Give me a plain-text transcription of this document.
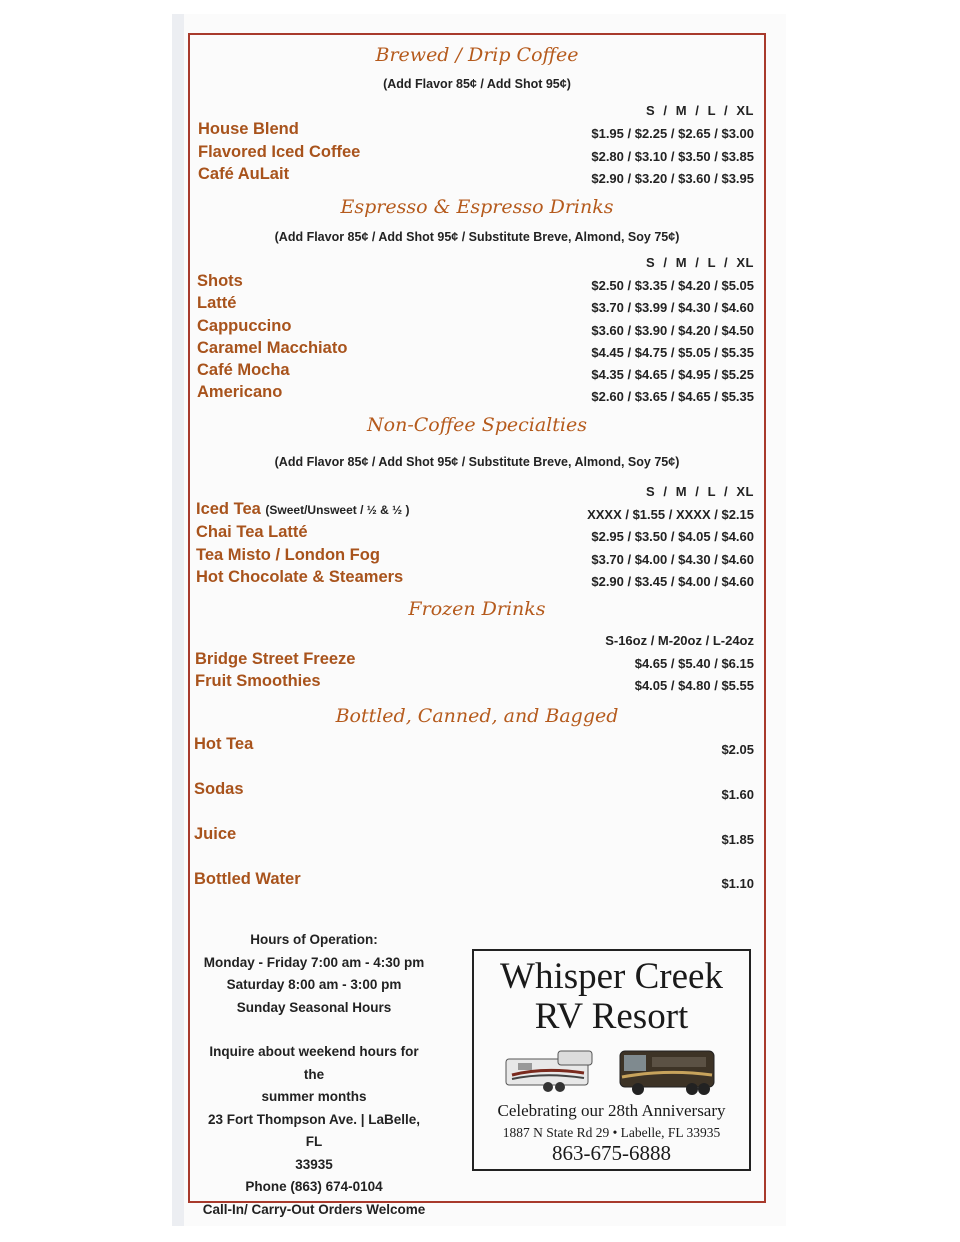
Brewed / Drip Coffee
(Add Flavor 85¢ / Add Shot 95¢)
S  /  M  /  L  /  XL
House Blend	$1.95 / $2.25 / $2.65 / $3.00
Flavored Iced Coffee	$2.80 / $3.10 / $3.50 / $3.85
Café AuLait	$2.90 / $3.20 / $3.60 / $3.95
Espresso & Espresso Drinks
(Add Flavor 85¢ / Add Shot 95¢ / Substitute Breve, Almond, Soy 75¢)
S  /  M  /  L  /  XL
Shots	$2.50 / $3.35 / $4.20 / $5.05
Latté	$3.70 / $3.99 / $4.30 / $4.60
Cappuccino	$3.60 / $3.90 / $4.20 / $4.50
Caramel Macchiato	$4.45 / $4.75 / $5.05 / $5.35
Café Mocha	$4.35 / $4.65 / $4.95 / $5.25
Americano	$2.60 / $3.65 / $4.65 / $5.35
Non-Coffee Specialties
(Add Flavor 85¢ / Add Shot 95¢ / Substitute Breve, Almond, Soy 75¢)
S  /  M  /  L  /  XL
Iced Tea (Sweet/Unsweet / ½ & ½ )	XXXX / $1.55 / XXXX / $2.15
Chai Tea Latté	$2.95 / $3.50 / $4.05 / $4.60
Tea Misto / London Fog	$3.70 / $4.00 / $4.30 / $4.60
Hot Chocolate & Steamers	$2.90 / $3.45 / $4.00 / $4.60
Frozen Drinks
S-16oz / M-20oz / L-24oz
Bridge Street Freeze	$4.65 / $5.40 / $6.15
Fruit Smoothies	$4.05 / $4.80 / $5.55
Bottled, Canned, and Bagged
Hot Tea	$2.05
Sodas	$1.60
Juice	$1.85
Bottled Water	$1.10
Hours of Operation:
Monday - Friday 7:00 am - 4:30 pm
Saturday 8:00 am - 3:00 pm
Sunday Seasonal Hours
Inquire about weekend hours for the
summer months
23 Fort Thompson Ave. | LaBelle, FL
33935
Phone (863) 674-0104
Call-In/ Carry-Out Orders Welcome
Whisper Creek
RV Resort
Celebrating our 28th Anniversary
1887 N State Rd 29 • Labelle, FL 33935
863-675-6888
